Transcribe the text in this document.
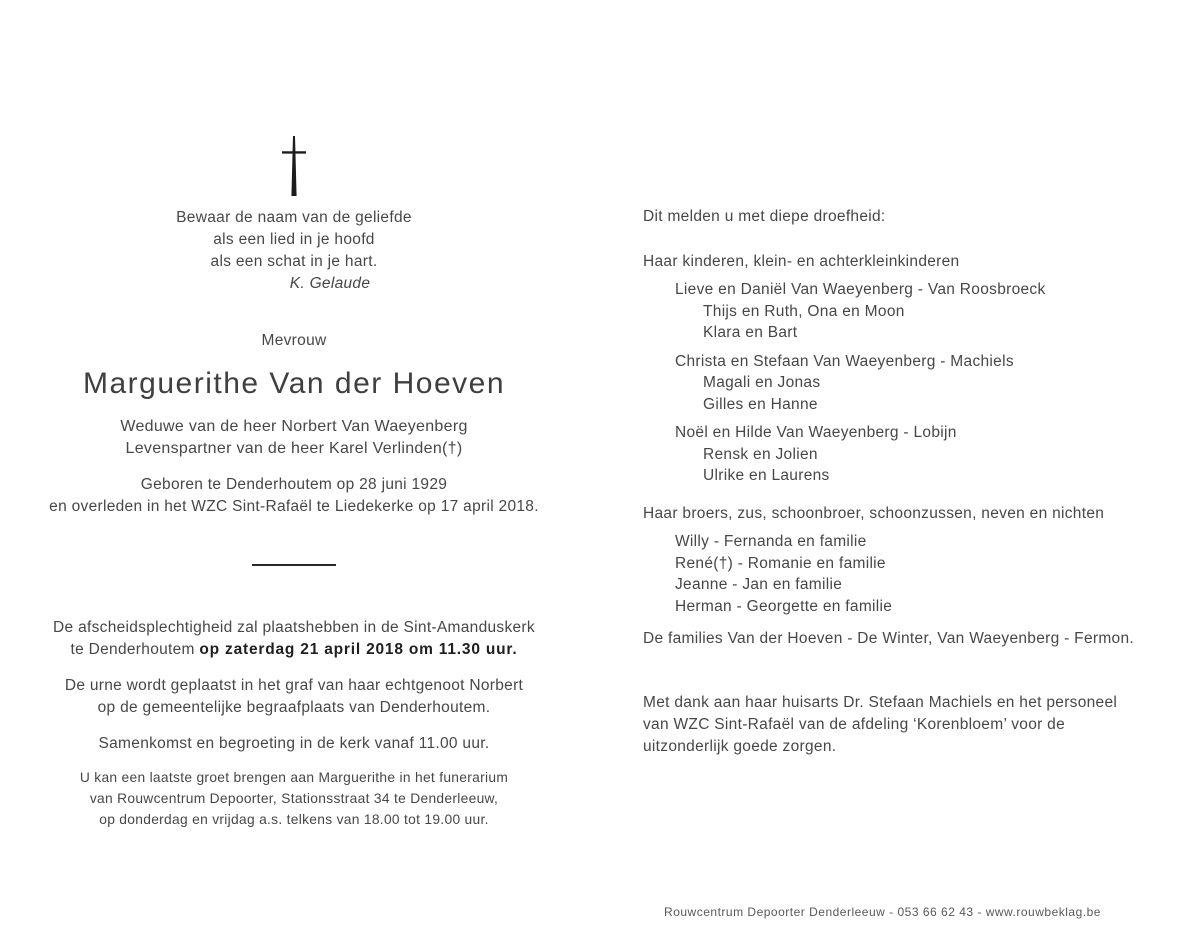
Bewaar de naam van de geliefde
als een lied in je hoofd
als een schat in je hart.
K. Gelaude
Mevrouw
Marguerithe Van der Hoeven
Weduwe van de heer Norbert Van Waeyenberg
Levenspartner van de heer Karel Verlinden(†)
Geboren te Denderhoutem op 28 juni 1929
en overleden in het WZC Sint-Rafaël te Liedekerke op 17 april 2018.
De afscheidsplechtigheid zal plaatshebben in de Sint-Amanduskerk
te Denderhoutem op zaterdag 21 april 2018 om 11.30 uur.
De urne wordt geplaatst in het graf van haar echtgenoot Norbert
op de gemeentelijke begraafplaats van Denderhoutem.
Samenkomst en begroeting in de kerk vanaf 11.00 uur.
U kan een laatste groet brengen aan Marguerithe in het funerarium
van Rouwcentrum Depoorter, Stationsstraat 34 te Denderleeuw,
op donderdag en vrijdag a.s. telkens van 18.00 tot 19.00 uur.
Dit melden u met diepe droefheid:
Haar kinderen, klein- en achterkleinkinderen
Lieve en Daniël Van Waeyenberg - Van Roosbroeck
Thijs en Ruth, Ona en Moon
Klara en Bart
Christa en Stefaan Van Waeyenberg - Machiels
Magali en Jonas
Gilles en Hanne
Noël en Hilde Van Waeyenberg - Lobijn
Rensk en Jolien
Ulrike en Laurens
Haar broers, zus, schoonbroer, schoonzussen, neven en nichten
Willy - Fernanda en familie
René(†) - Romanie en familie
Jeanne - Jan en familie
Herman - Georgette en familie
De families Van der Hoeven - De Winter, Van Waeyenberg - Fermon.
Met dank aan haar huisarts Dr. Stefaan Machiels en het personeel van WZC Sint-Rafaël van de afdeling ‘Korenbloem’ voor de uitzonderlijk goede zorgen.
Rouwcentrum Depoorter Denderleeuw - 053 66 62 43 - www.rouwbeklag.be
